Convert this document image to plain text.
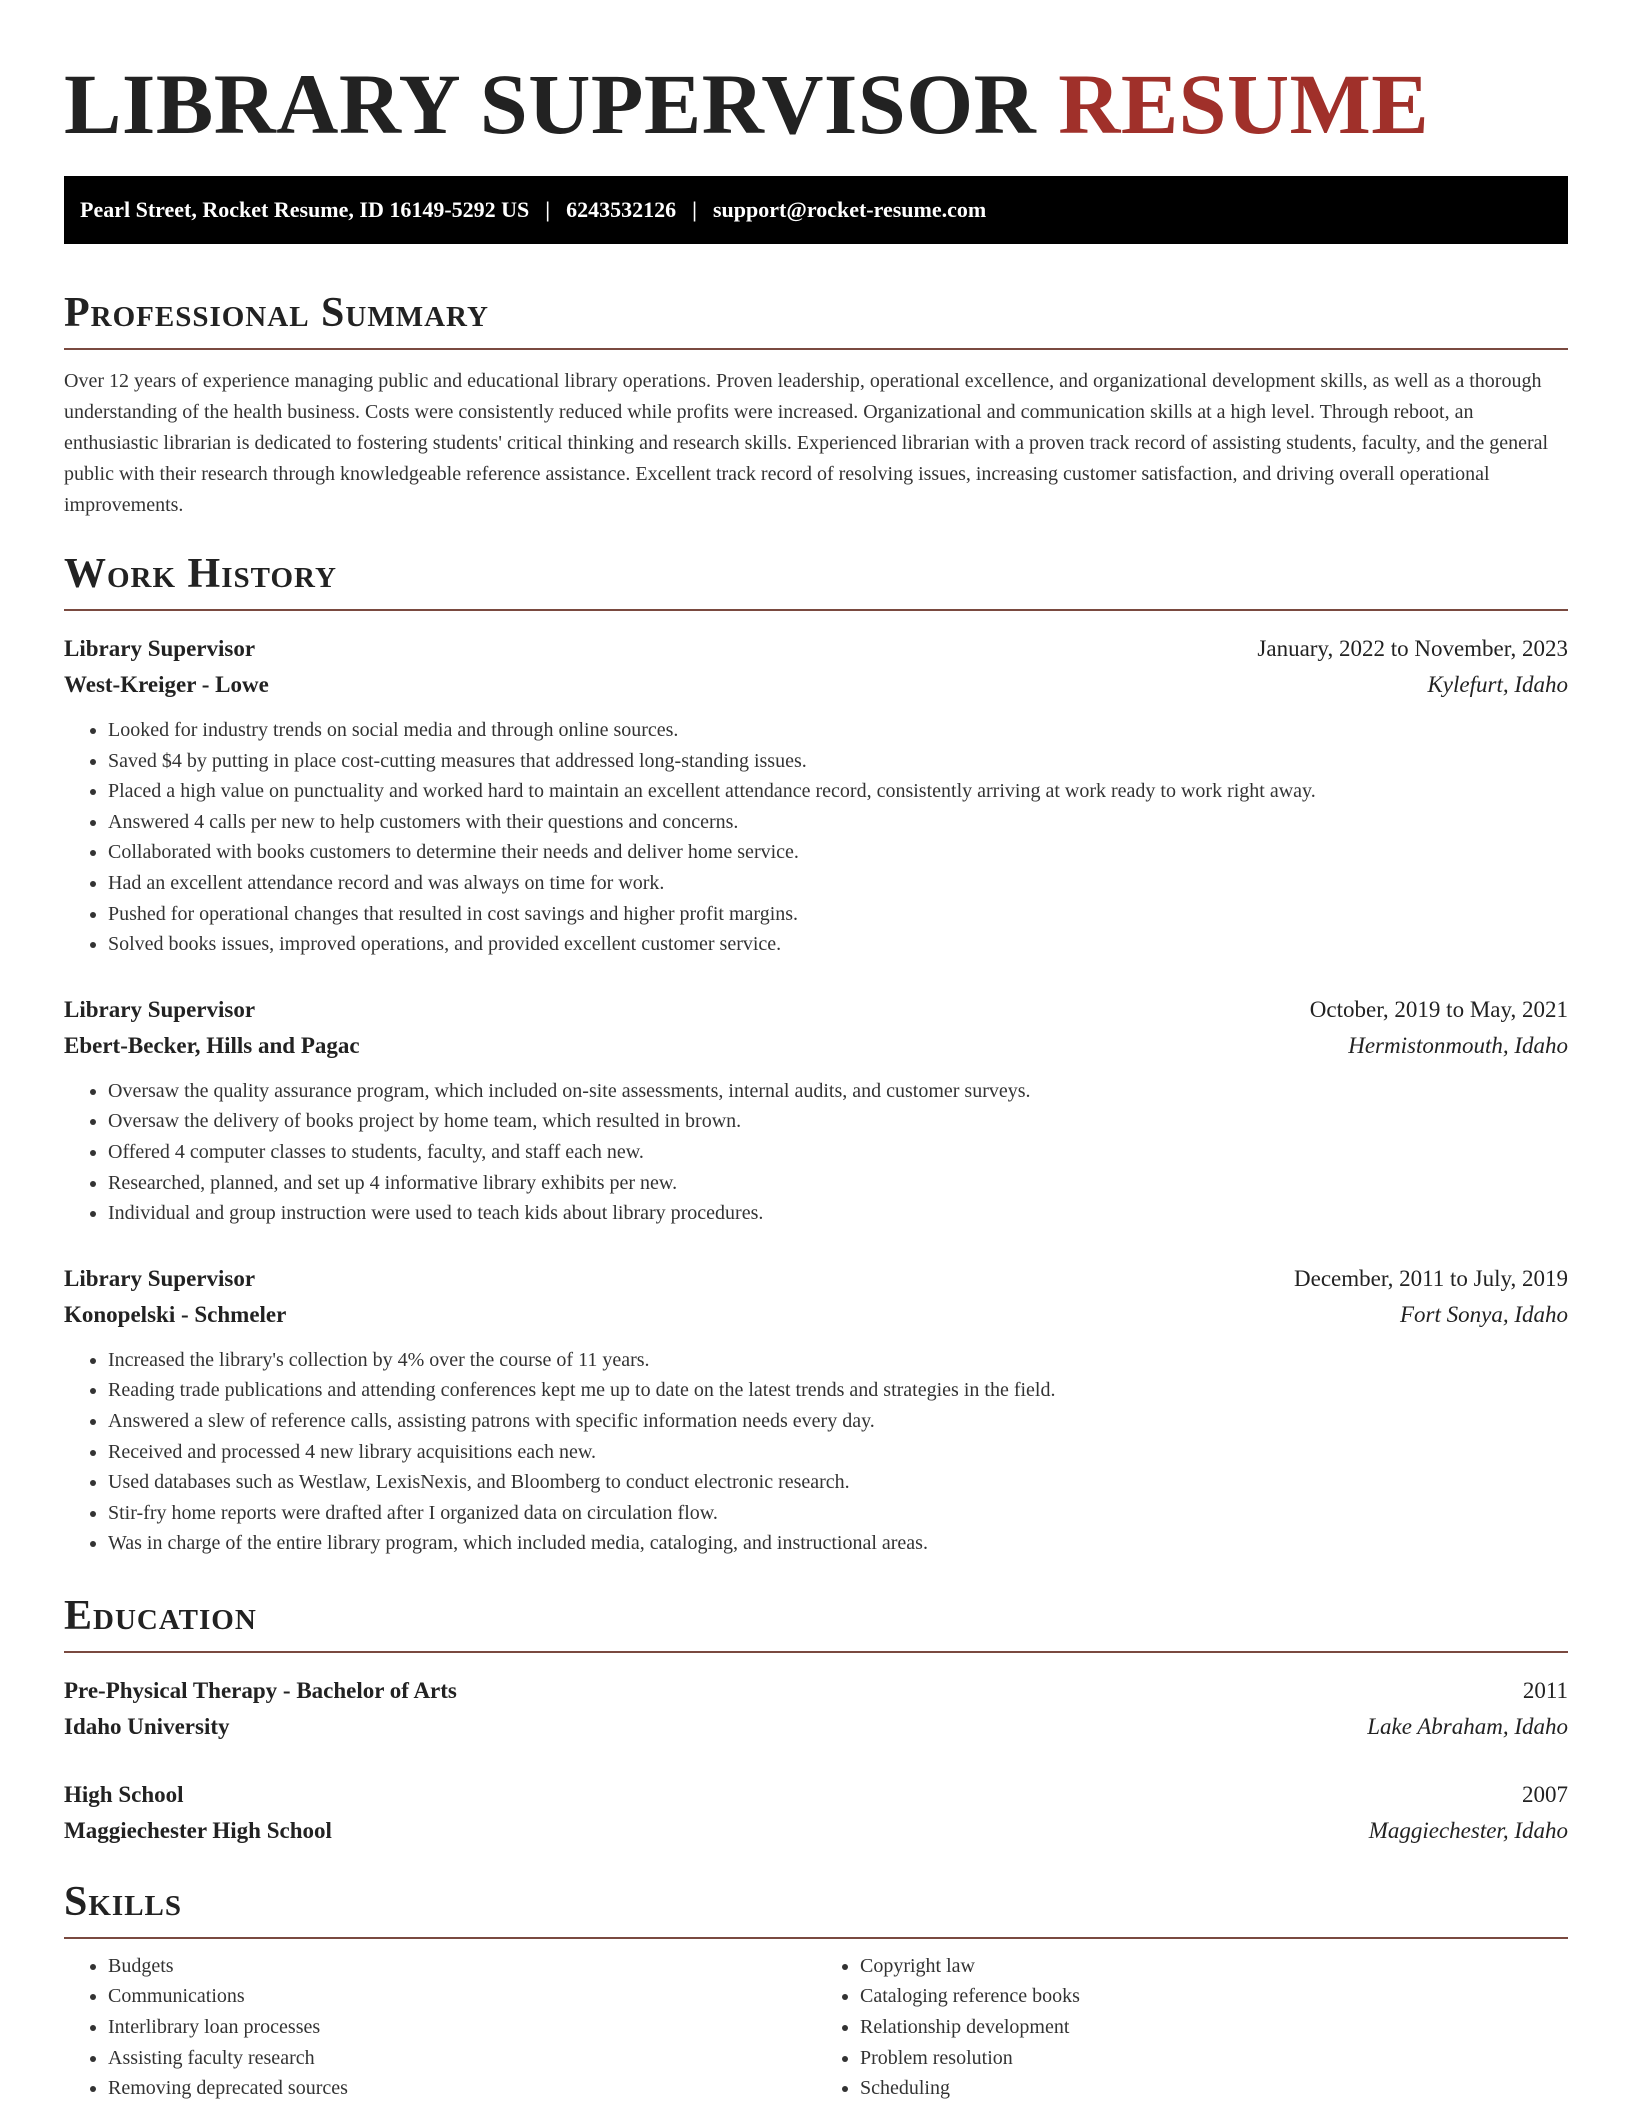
LIBRARY SUPERVISOR RESUME
Pearl Street, Rocket Resume, ID 16149-5292 US | 6243532126 | support@rocket-resume.com
Professional Summary
Over 12 years of experience managing public and educational library operations. Proven leadership, operational excellence, and organizational development skills, as well as a thorough understanding of the health business. Costs were consistently reduced while profits were increased. Organizational and communication skills at a high level. Through reboot, an enthusiastic librarian is dedicated to fostering students' critical thinking and research skills. Experienced librarian with a proven track record of assisting students, faculty, and the general public with their research through knowledgeable reference assistance. Excellent track record of resolving issues, increasing customer satisfaction, and driving overall operational improvements.
Work History
Library Supervisor	January, 2022 to November, 2023
West-Kreiger - Lowe	Kylefurt, Idaho
• Looked for industry trends on social media and through online sources.
• Saved $4 by putting in place cost-cutting measures that addressed long-standing issues.
• Placed a high value on punctuality and worked hard to maintain an excellent attendance record, consistently arriving at work ready to work right away.
• Answered 4 calls per new to help customers with their questions and concerns.
• Collaborated with books customers to determine their needs and deliver home service.
• Had an excellent attendance record and was always on time for work.
• Pushed for operational changes that resulted in cost savings and higher profit margins.
• Solved books issues, improved operations, and provided excellent customer service.
Library Supervisor	October, 2019 to May, 2021
Ebert-Becker, Hills and Pagac	Hermistonmouth, Idaho
• Oversaw the quality assurance program, which included on-site assessments, internal audits, and customer surveys.
• Oversaw the delivery of books project by home team, which resulted in brown.
• Offered 4 computer classes to students, faculty, and staff each new.
• Researched, planned, and set up 4 informative library exhibits per new.
• Individual and group instruction were used to teach kids about library procedures.
Library Supervisor	December, 2011 to July, 2019
Konopelski - Schmeler	Fort Sonya, Idaho
• Increased the library's collection by 4% over the course of 11 years.
• Reading trade publications and attending conferences kept me up to date on the latest trends and strategies in the field.
• Answered a slew of reference calls, assisting patrons with specific information needs every day.
• Received and processed 4 new library acquisitions each new.
• Used databases such as Westlaw, LexisNexis, and Bloomberg to conduct electronic research.
• Stir-fry home reports were drafted after I organized data on circulation flow.
• Was in charge of the entire library program, which included media, cataloging, and instructional areas.
Education
Pre-Physical Therapy - Bachelor of Arts	2011
Idaho University	Lake Abraham, Idaho
High School	2007
Maggiechester High School	Maggiechester, Idaho
Skills
• Budgets
• Communications
• Interlibrary loan processes
• Assisting faculty research
• Removing deprecated sources
• Copyright law
• Cataloging reference books
• Relationship development
• Problem resolution
• Scheduling
